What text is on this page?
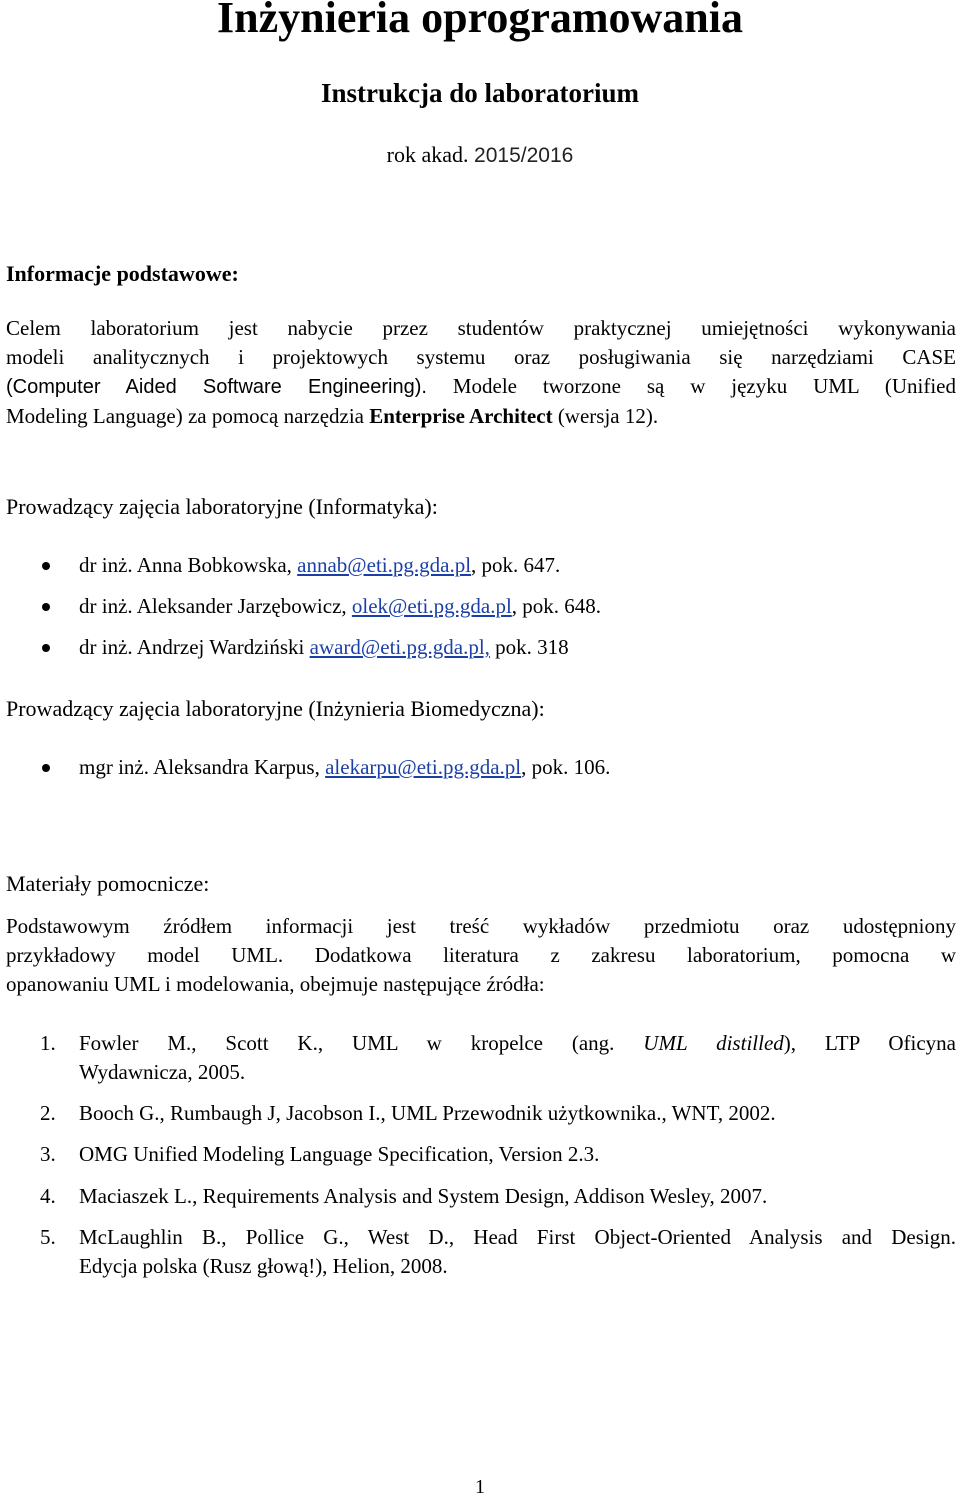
Inżynieria oprogramowania
Instrukcja do laboratorium
rok akad. 2015/2016
Informacje podstawowe:
Celem laboratorium jest nabycie przez studentów praktycznej umiejętności wykonywania
modeli analitycznych i projektowych systemu oraz posługiwania się narzędziami CASE
(Computer Aided Software Engineering). Modele tworzone są w języku UML (Unified
Modeling Language) za pomocą narzędzia Enterprise Architect (wersja 12).
Prowadzący zajęcia laboratoryjne (Informatyka):
dr inż. Anna Bobkowska, annab@eti.pg.gda.pl, pok. 647.
dr inż. Aleksander Jarzębowicz, olek@eti.pg.gda.pl, pok. 648.
dr inż. Andrzej Wardziński award@eti.pg.gda.pl, pok. 318
Prowadzący zajęcia laboratoryjne (Inżynieria Biomedyczna):
mgr inż. Aleksandra Karpus, alekarpu@eti.pg.gda.pl, pok. 106.
Materiały pomocnicze:
Podstawowym źródłem informacji jest treść wykładów przedmiotu oraz udostępniony
przykładowy model UML. Dodatkowa literatura z zakresu laboratorium, pomocna w
opanowaniu UML i modelowania, obejmuje następujące źródła:
1. Fowler M., Scott K., UML w kropelce (ang. UML distilled), LTP Oficyna
Wydawnicza, 2005.
2. Booch G., Rumbaugh J, Jacobson I., UML Przewodnik użytkownika., WNT, 2002.
3. OMG Unified Modeling Language Specification, Version 2.3.
4. Maciaszek L., Requirements Analysis and System Design, Addison Wesley, 2007.
5. McLaughlin B., Pollice G., West D., Head First Object-Oriented Analysis and Design.
Edycja polska (Rusz głową!), Helion, 2008.
1
